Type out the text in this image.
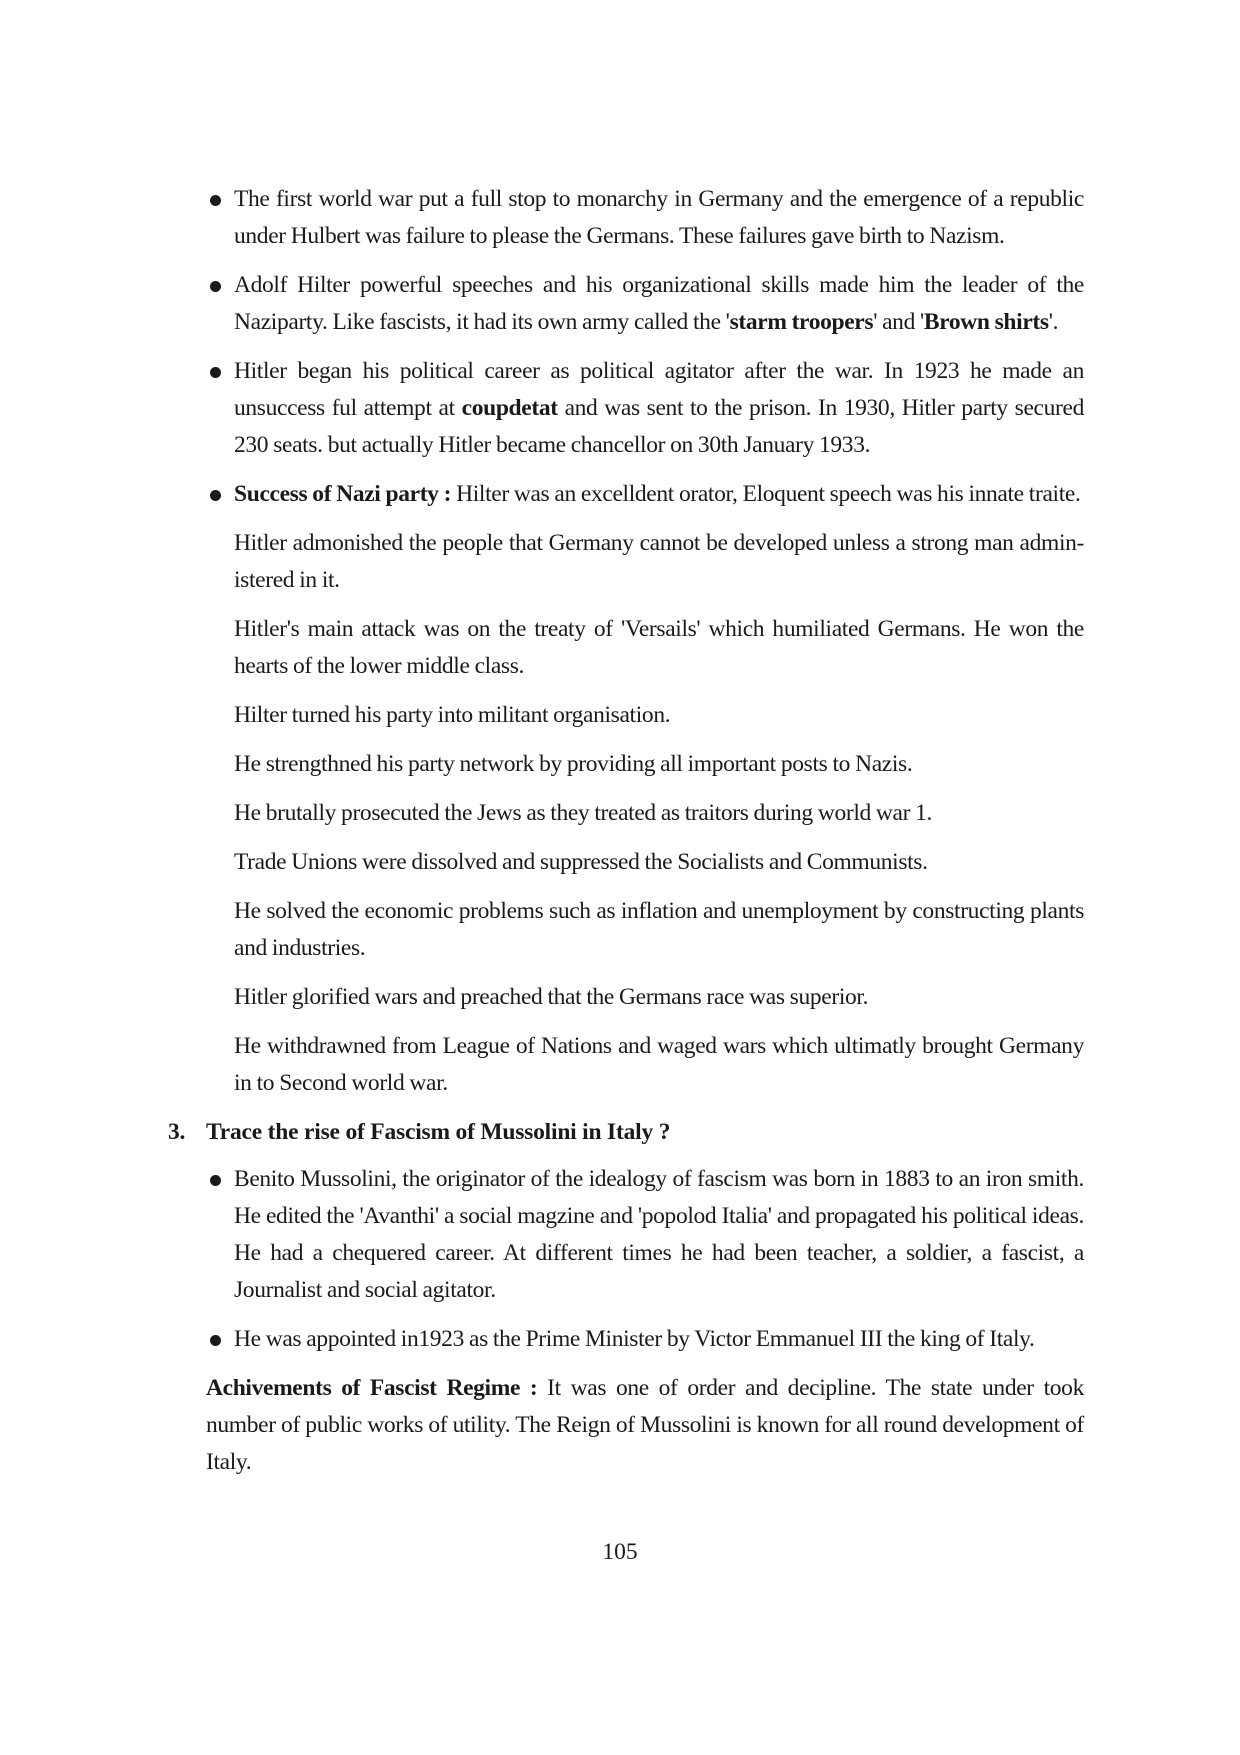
The first world war put a full stop to monarchy in Germany and the emergence of a republic under Hulbert was failure to please the Germans. These failures gave birth to Nazism.
Adolf Hilter powerful speeches and his organizational skills made him the leader of the Naziparty. Like fascists, it had its own army called the 'starm troopers' and 'Brown shirts'.
Hitler began his political career as political agitator after the war. In 1923 he made an unsuccess ful attempt at coupdetat and was sent to the prison. In 1930, Hitler party secured 230 seats. but actually Hitler became chancellor on 30th January 1933.
Success of Nazi party : Hilter was an excelldent orator, Eloquent speech was his innate traite.
Hitler admonished the people that Germany cannot be developed unless a strong man admin-istered in it.
Hitler's main attack was on the treaty of 'Versails' which humiliated Germans. He won the hearts of the lower middle class.
Hilter turned his party into militant organisation.
He strengthned his party network by providing all important posts to Nazis.
He brutally prosecuted the Jews as they treated as traitors during world war 1.
Trade Unions were dissolved and suppressed the Socialists and Communists.
He solved the economic problems such as inflation and unemployment by constructing plants and industries.
Hitler glorified wars and preached that the Germans race was superior.
He withdrawned from League of Nations and waged wars which ultimatly brought Germany in to Second world war.
3. Trace the rise of Fascism of Mussolini in Italy ?
Benito Mussolini, the originator of the idealogy of fascism was born in 1883 to an iron smith. He edited the 'Avanthi' a social magzine and 'popolod Italia' and propagated his political ideas. He had a chequered career. At different times he had been teacher, a soldier, a fascist, a Journalist and social agitator.
He was appointed in1923 as the Prime Minister by Victor Emmanuel III the king of Italy.
Achivements of Fascist Regime : It was one of order and decipline. The state under took number of public works of utility. The Reign of Mussolini is known for all round development of Italy.
105
